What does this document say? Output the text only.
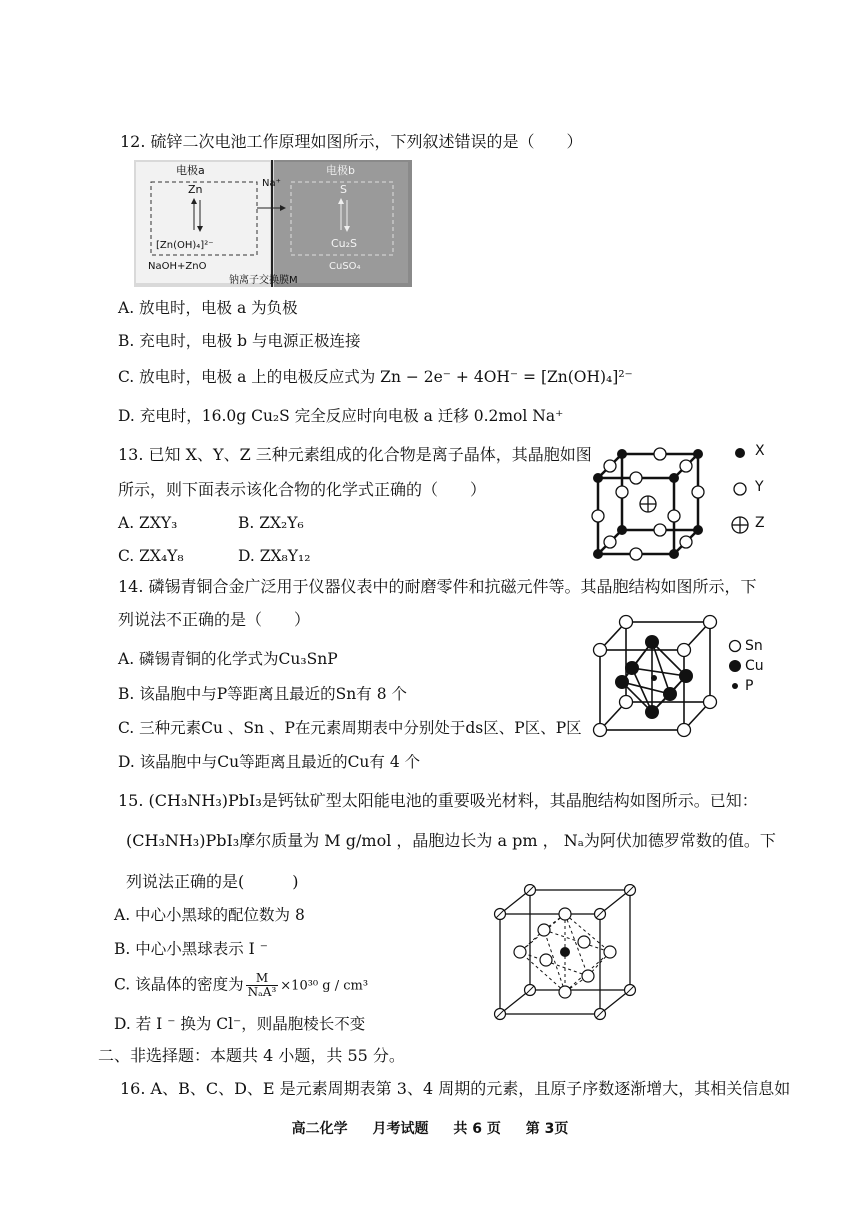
12. 硫锌二次电池工作原理如图所示，下列叙述错误的是（　　）
电极a
Na⁺
电极b
Zn
[Zn(OH)₄]²⁻
S
Cu₂S
NaOH+ZnO	CuSO₄
钠离子交换膜M
A. 放电时，电极 a 为负极
B. 充电时，电极 b 与电源正极连接
C. 放电时，电极 a 上的电极反应式为 Zn − 2e⁻ + 4OH⁻ = [Zn(OH)₄]²⁻
D. 充电时，16.0g Cu₂S 完全反应时向电极 a 迁移 0.2mol Na⁺
13. 已知 X、Y、Z 三种元素组成的化合物是离子晶体，其晶胞如图
所示，则下面表示该化合物的化学式正确的（　　）
A. ZXY₃	B. ZX₂Y₆
C. ZX₄Y₈	D. ZX₈Y₁₂
X
Y
Z
14. 磷锡青铜合金广泛用于仪器仪表中的耐磨零件和抗磁元件等。其晶胞结构如图所示，下
列说法不正确的是（　　）
A. 磷锡青铜的化学式为Cu₃SnP
B. 该晶胞中与P等距离且最近的Sn有 8 个
C. 三种元素Cu 、Sn 、P在元素周期表中分别处于ds区、P区、P区
D. 该晶胞中与Cu等距离且最近的Cu有 4 个
Sn
Cu
P
15. (CH₃NH₃)PbI₃是钙钛矿型太阳能电池的重要吸光材料，其晶胞结构如图所示。已知：
(CH₃NH₃)PbI₃摩尔质量为 M g/mol ，晶胞边长为 a pm ， Nₐ为阿伏加德罗常数的值。下
列说法正确的是(　　　)
A. 中心小黑球的配位数为 8
B. 中心小黑球表示 I ⁻
C. 该晶体的密度为 $\frac{M}{\text{NₐA³}} \times 10^{30}$ g / cm³
D. 若 I ⁻ 换为 Cl⁻，则晶胞棱长不变
二、非选择题：本题共 4 小题，共 55 分。
16. A、B、C、D、E 是元素周期表第 3、4 周期的元素，且原子序数逐渐增大，其相关信息如
高二化学 月考试题 共 6 页 第 3页
